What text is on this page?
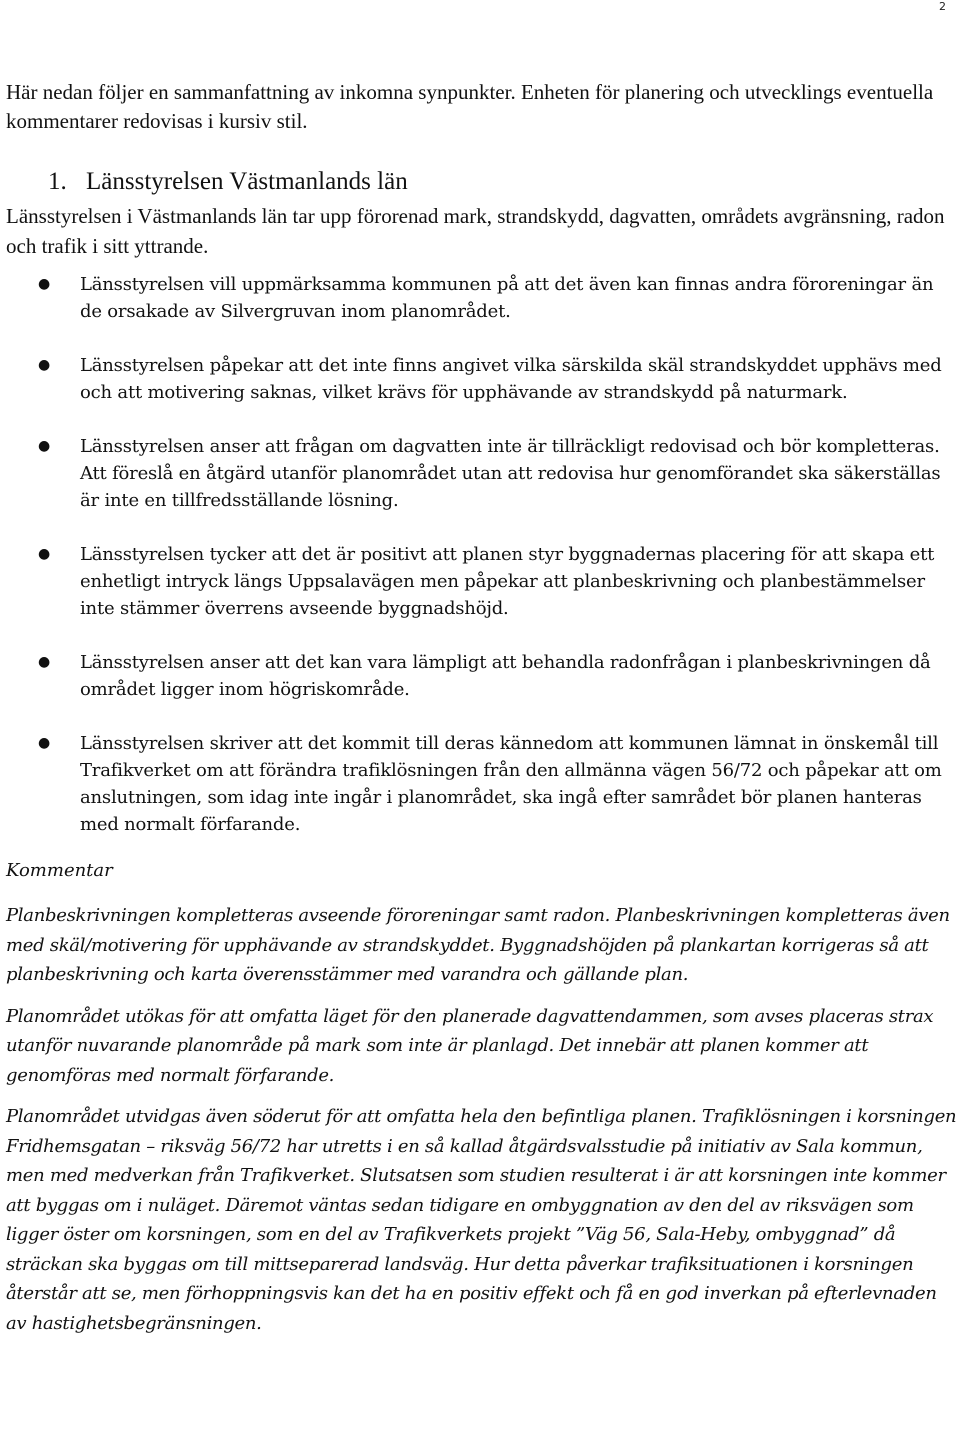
2

Här nedan följer en sammanfattning av inkomna synpunkter. Enheten för planering och utvecklings eventuella kommentarer redovisas i kursiv stil.

1. Länsstyrelsen Västmanlands län

Länsstyrelsen i Västmanlands län tar upp förorenad mark, strandskydd, dagvatten, områdets avgränsning, radon och trafik i sitt yttrande.

● Länsstyrelsen vill uppmärksamma kommunen på att det även kan finnas andra föroreningar än de orsakade av Silvergruvan inom planområdet.
● Länsstyrelsen påpekar att det inte finns angivet vilka särskilda skäl strandskyddet upphävs med och att motivering saknas, vilket krävs för upphävande av strandskydd på naturmark.
● Länsstyrelsen anser att frågan om dagvatten inte är tillräckligt redovisad och bör kompletteras. Att föreslå en åtgärd utanför planområdet utan att redovisa hur genomförandet ska säkerställas är inte en tillfredsställande lösning.
● Länsstyrelsen tycker att det är positivt att planen styr byggnadernas placering för att skapa ett enhetligt intryck längs Uppsalavägen men påpekar att planbeskrivning och planbestämmelser inte stämmer överrens avseende byggnadshöjd.
● Länsstyrelsen anser att det kan vara lämpligt att behandla radonfrågan i planbeskrivningen då området ligger inom högriskområde.
● Länsstyrelsen skriver att det kommit till deras kännedom att kommunen lämnat in önskemål till Trafikverket om att förändra trafiklösningen från den allmänna vägen 56/72 och påpekar att om anslutningen, som idag inte ingår i planområdet, ska ingå efter samrådet bör planen hanteras med normalt förfarande.

Kommentar

Planbeskrivningen kompletteras avseende föroreningar samt radon. Planbeskrivningen kompletteras även med skäl/motivering för upphävande av strandskyddet. Byggnadshöjden på plankartan korrigeras så att planbeskrivning och karta överensstämmer med varandra och gällande plan.

Planområdet utökas för att omfatta läget för den planerade dagvattendammen, som avses placeras strax utanför nuvarande planområde på mark som inte är planlagd. Det innebär att planen kommer att genomföras med normalt förfarande.

Planområdet utvidgas även söderut för att omfatta hela den befintliga planen. Trafiklösningen i korsningen Fridhemsgatan – riksväg 56/72 har utretts i en så kallad åtgärdsvalsstudie på initiativ av Sala kommun, men med medverkan från Trafikverket. Slutsatsen som studien resulterat i är att korsningen inte kommer att byggas om i nuläget. Däremot väntas sedan tidigare en ombyggnation av den del av riksvägen som ligger öster om korsningen, som en del av Trafikverkets projekt ”Väg 56, Sala-Heby, ombyggnad” då sträckan ska byggas om till mittseparerad landsväg. Hur detta påverkar trafiksituationen i korsningen återstår att se, men förhoppningsvis kan det ha en positiv effekt och få en god inverkan på efterlevnaden av hastighetsbegränsningen.
